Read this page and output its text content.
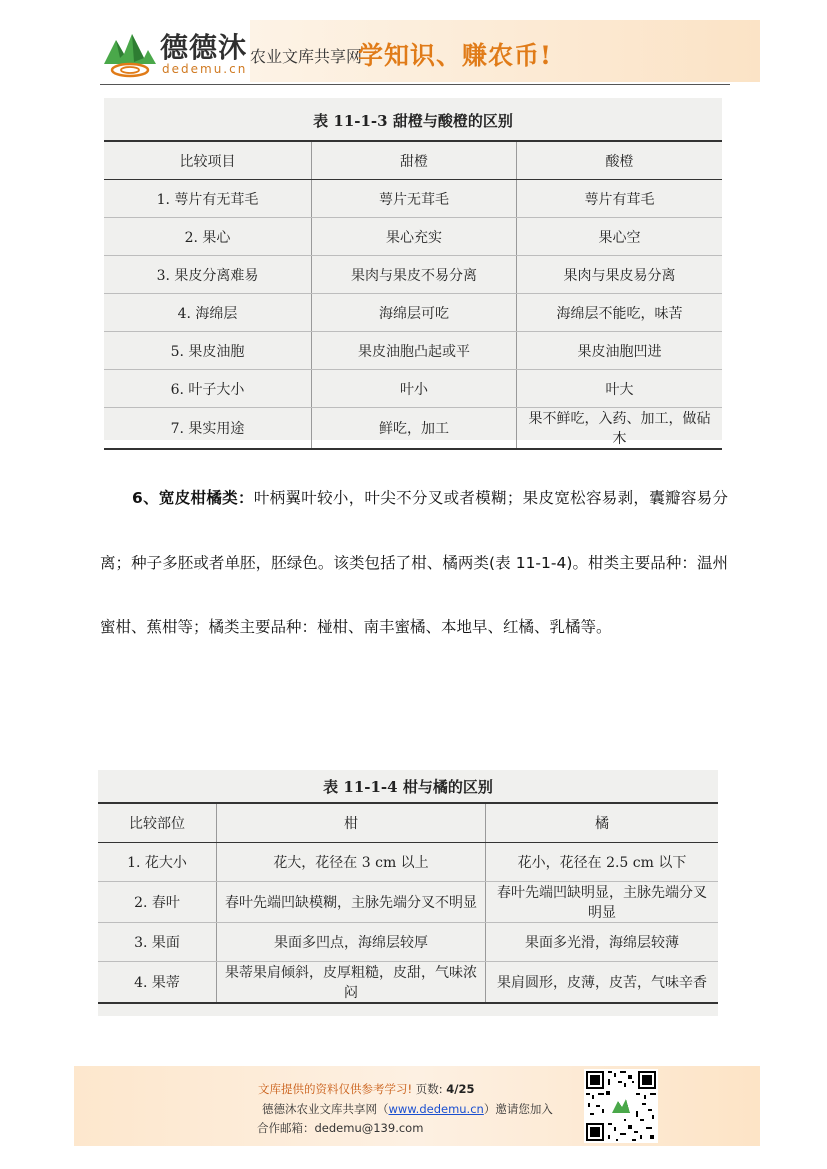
德德沐
dedemu.cn
农业文库共享网
学知识、赚农币!
表 11-1-3 甜橙与酸橙的区别
比较项目	甜橙	酸橙
1. 萼片有无茸毛	萼片无茸毛	萼片有茸毛
2. 果心	果心充实	果心空
3. 果皮分离难易	果肉与果皮不易分离	果肉与果皮易分离
4. 海绵层	海绵层可吃	海绵层不能吃，味苦
5. 果皮油胞	果皮油胞凸起或平	果皮油胞凹进
6. 叶子大小	叶小	叶大
7. 果实用途	鲜吃，加工	果不鲜吃，入药、加工，做砧木
6、宽皮柑橘类：叶柄翼叶较小，叶尖不分叉或者模糊；果皮宽松容易剥，囊瓣容易分离；种子多胚或者单胚，胚绿色。该类包括了柑、橘两类(表 11-1-4)。柑类主要品种：温州蜜柑、蕉柑等；橘类主要品种：椪柑、南丰蜜橘、本地早、红橘、乳橘等。
表 11-1-4 柑与橘的区别
比较部位	柑	橘
1. 花大小	花大，花径在 3 cm 以上	花小，花径在 2.5 cm 以下
2. 春叶	春叶先端凹缺模糊，主脉先端分叉不明显	春叶先端凹缺明显，主脉先端分叉明显
3. 果面	果面多凹点，海绵层较厚	果面多光滑，海绵层较薄
4. 果蒂	果蒂果肩倾斜，皮厚粗糙，皮甜，气味浓闷	果肩圆形，皮薄，皮苦，气味辛香
文库提供的资料仅供参考学习! 页数: 4/25
德德沐农业文库共享网（www.dedemu.cn）邀请您加入
合作邮箱：dedemu@139.com
